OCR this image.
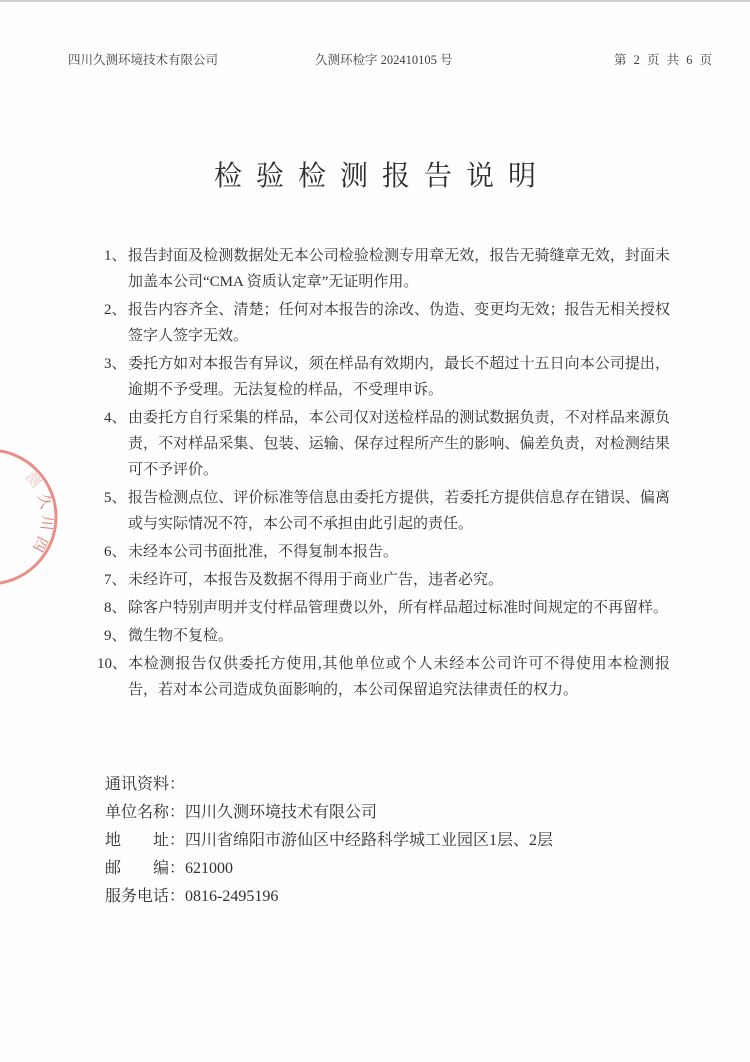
四川久测环境技术有限公司	久测环检字 202410105 号	第 2 页 共 6 页
检验检测报告说明
测
久
川
四
1、 报告封面及检测数据处无本公司检验检测专用章无效，报告无骑缝章无效，封面未加盖本公司“CMA 资质认定章”无证明作用。
2、 报告内容齐全、清楚；任何对本报告的涂改、伪造、变更均无效；报告无相关授权签字人签字无效。
3、 委托方如对本报告有异议，须在样品有效期内，最长不超过十五日向本公司提出，逾期不予受理。无法复检的样品，不受理申诉。
4、 由委托方自行采集的样品，本公司仅对送检样品的测试数据负责，不对样品来源负责，不对样品采集、包装、运输、保存过程所产生的影响、偏差负责，对检测结果可不予评价。
5、 报告检测点位、评价标准等信息由委托方提供，若委托方提供信息存在错误、偏离或与实际情况不符，本公司不承担由此引起的责任。
6、 未经本公司书面批准，不得复制本报告。
7、 未经许可，本报告及数据不得用于商业广告，违者必究。
8、 除客户特别声明并支付样品管理费以外，所有样品超过标准时间规定的不再留样。
9、 微生物不复检。
10、 本检测报告仅供委托方使用,其他单位或个人未经本公司许可不得使用本检测报告，若对本公司造成负面影响的，本公司保留追究法律责任的权力。
通讯资料：
单位名称： 四川久测环境技术有限公司
地　　址： 四川省绵阳市游仙区中经路科学城工业园区1层、2层
邮　　编： 621000
服务电话： 0816-2495196
